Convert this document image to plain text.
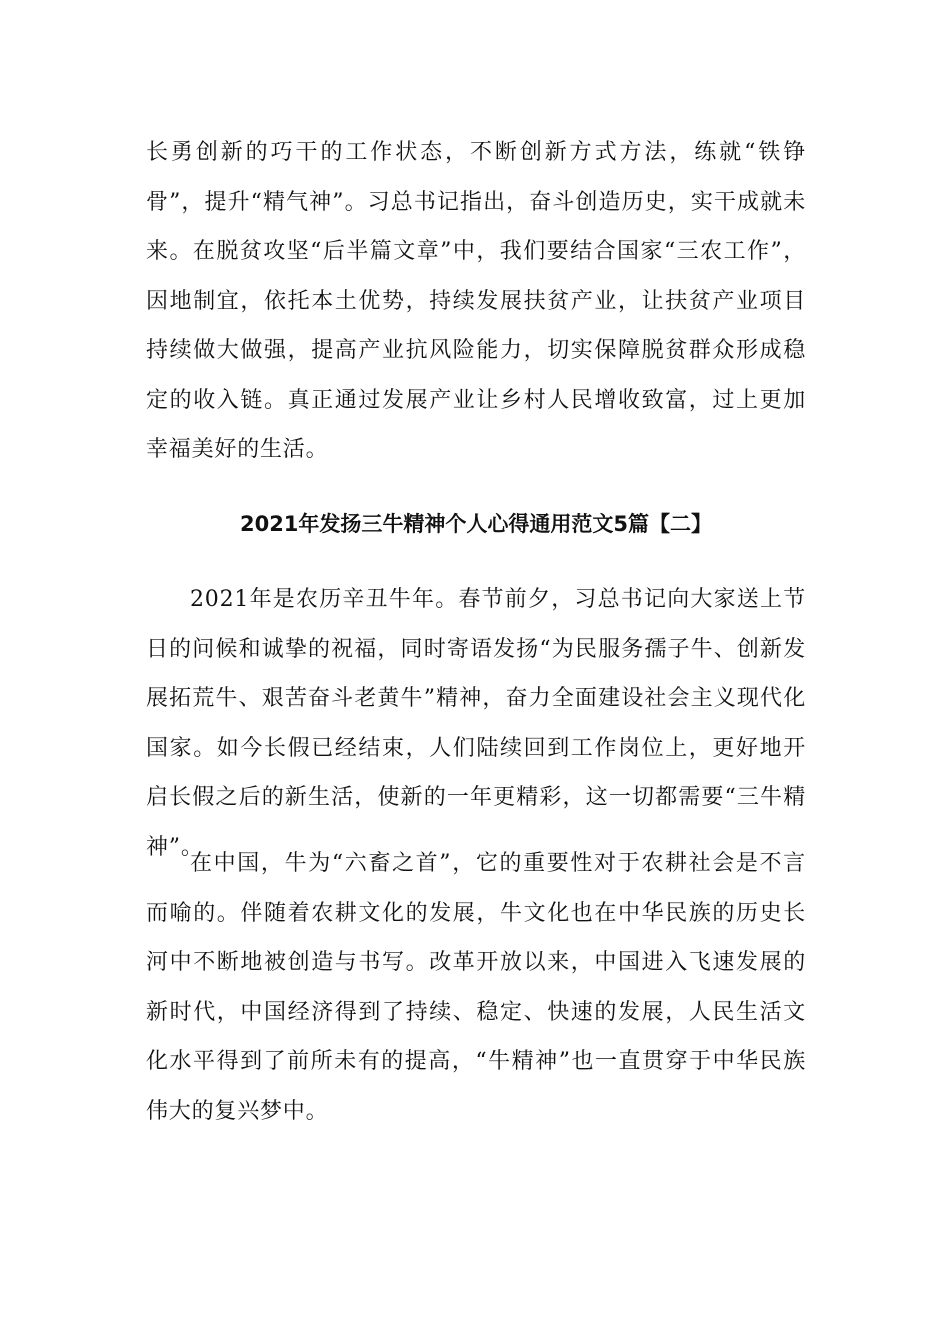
长勇创新的巧干的工作状态，不断创新方式方法，练就“铁铮骨”，提升“精气神”。习总书记指出，奋斗创造历史，实干成就未来。在脱贫攻坚“后半篇文章”中，我们要结合国家“三农工作”，因地制宜，依托本土优势，持续发展扶贫产业，让扶贫产业项目持续做大做强，提高产业抗风险能力，切实保障脱贫群众形成稳定的收入链。真正通过发展产业让乡村人民增收致富，过上更加幸福美好的生活。

2021年发扬三牛精神个人心得通用范文5篇【二】

2021年是农历辛丑牛年。春节前夕，习总书记向大家送上节日的问候和诚挚的祝福，同时寄语发扬“为民服务孺子牛、创新发展拓荒牛、艰苦奋斗老黄牛”精神，奋力全面建设社会主义现代化国家。如今长假已经结束，人们陆续回到工作岗位上，更好地开启长假之后的新生活，使新的一年更精彩，这一切都需要“三牛精神”。

在中国，牛为“六畜之首”，它的重要性对于农耕社会是不言而喻的。伴随着农耕文化的发展，牛文化也在中华民族的历史长河中不断地被创造与书写。改革开放以来，中国进入飞速发展的新时代，中国经济得到了持续、稳定、快速的发展，人民生活文化水平得到了前所未有的提高，“牛精神”也一直贯穿于中华民族伟大的复兴梦中。
